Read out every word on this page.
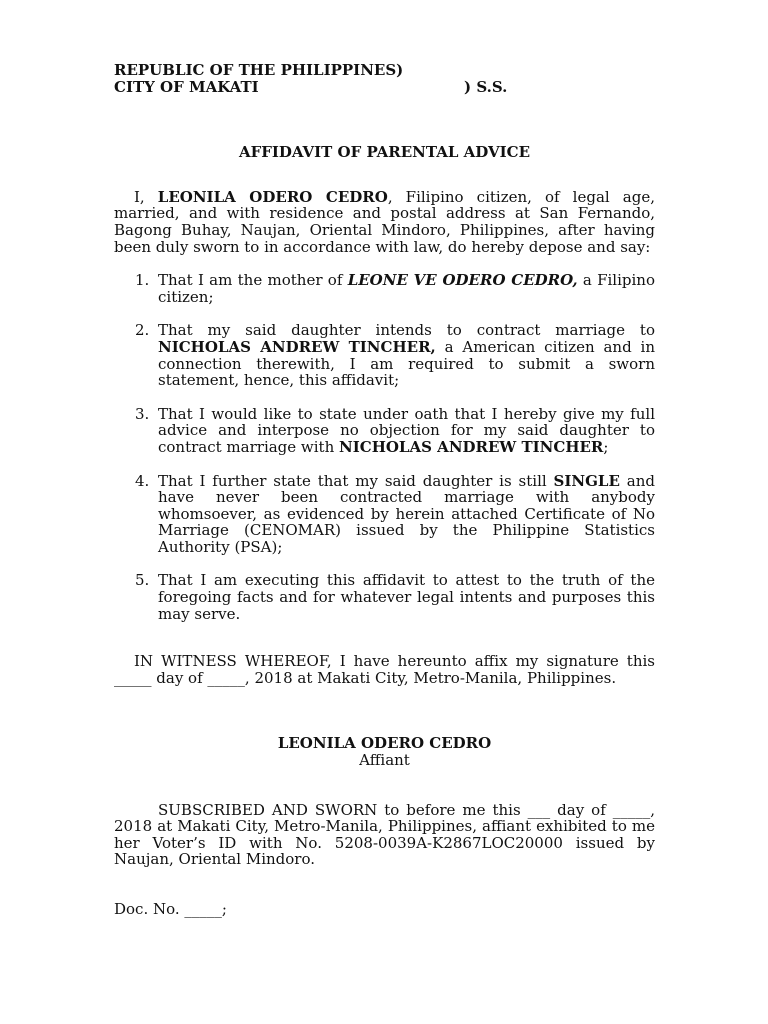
REPUBLIC OF THE PHILIPPINES)
CITY OF MAKATI	) S.S.
AFFIDAVIT OF PARENTAL ADVICE
I, LEONILA ODERO CEDRO, Filipino citizen, of legal age, married, and with residence and postal address at San Fernando, Bagong Buhay, Naujan, Oriental Mindoro, Philippines, after having been duly sworn to in accordance with law, do hereby depose and say:
1. That I am the mother of LEONE VE ODERO CEDRO, a Filipino citizen;
2. That my said daughter intends to contract marriage to NICHOLAS ANDREW TINCHER, a American citizen and in connection therewith, I am required to submit a sworn statement, hence, this affidavit;
3. That I would like to state under oath that I hereby give my full advice and interpose no objection for my said daughter to contract marriage with NICHOLAS ANDREW TINCHER;
4. That I further state that my said daughter is still SINGLE and have never been contracted marriage with anybody whomsoever, as evidenced by herein attached Certificate of No Marriage (CENOMAR) issued by the Philippine Statistics Authority (PSA);
5. That I am executing this affidavit to attest to the truth of the foregoing facts and for whatever legal intents and purposes this may serve.
IN WITNESS WHEREOF, I have hereunto affix my signature this _____ day of _____, 2018 at Makati City, Metro-Manila, Philippines.
LEONILA ODERO CEDRO
Affiant
SUBSCRIBED AND SWORN to before me this ___ day of _____, 2018 at Makati City, Metro-Manila, Philippines, affiant exhibited to me her Voter’s ID with No. 5208-0039A-K2867LOC20000 issued by Naujan, Oriental Mindoro.
Doc. No. _____;
